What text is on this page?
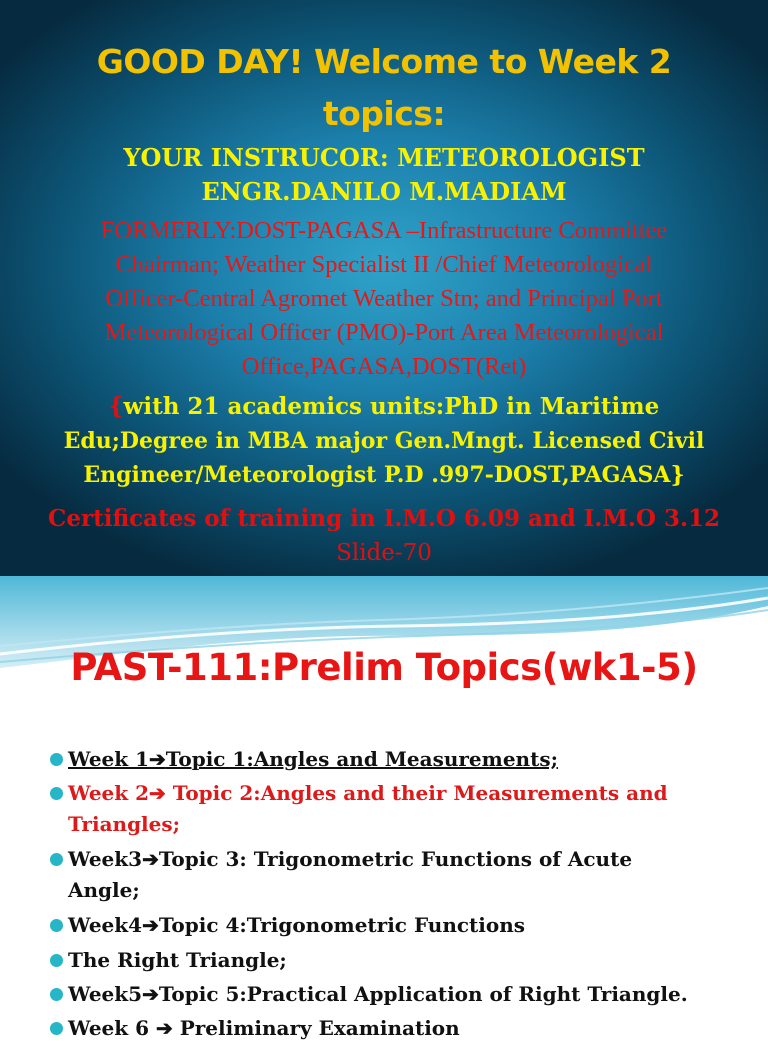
GOOD DAY! Welcome to Week 2
topics:
YOUR INSTRUCOR: METEOROLOGIST
ENGR.DANILO M.MADIAM
FORMERLY:DOST-PAGASA –Infrastructure Committee
Chairman; Weather Specialist II /Chief Meteorological
Officer-Central Agromet Weather Stn; and Principal Port
Meteorological Officer (PMO)-Port Area Meteorological
Office,PAGASA,DOST(Ret)
{with 21 academics units:PhD in Maritime
Edu;Degree in MBA major Gen.Mngt. Licensed Civil
Engineer/Meteorologist P.D .997-DOST,PAGASA}
Certificates of training in I.M.O 6.09 and I.M.O 3.12
Slide-70
PAST-111:Prelim Topics(wk1-5)
Week 1➔Topic 1:Angles and Measurements;
Week 2➔ Topic 2:Angles and their Measurements and
Triangles;
Week3➔Topic 3: Trigonometric Functions of Acute
Angle;
Week4➔Topic 4:Trigonometric Functions
The Right Triangle;
Week5➔Topic 5:Practical Application of Right Triangle.
Week 6 ➔ Preliminary Examination
